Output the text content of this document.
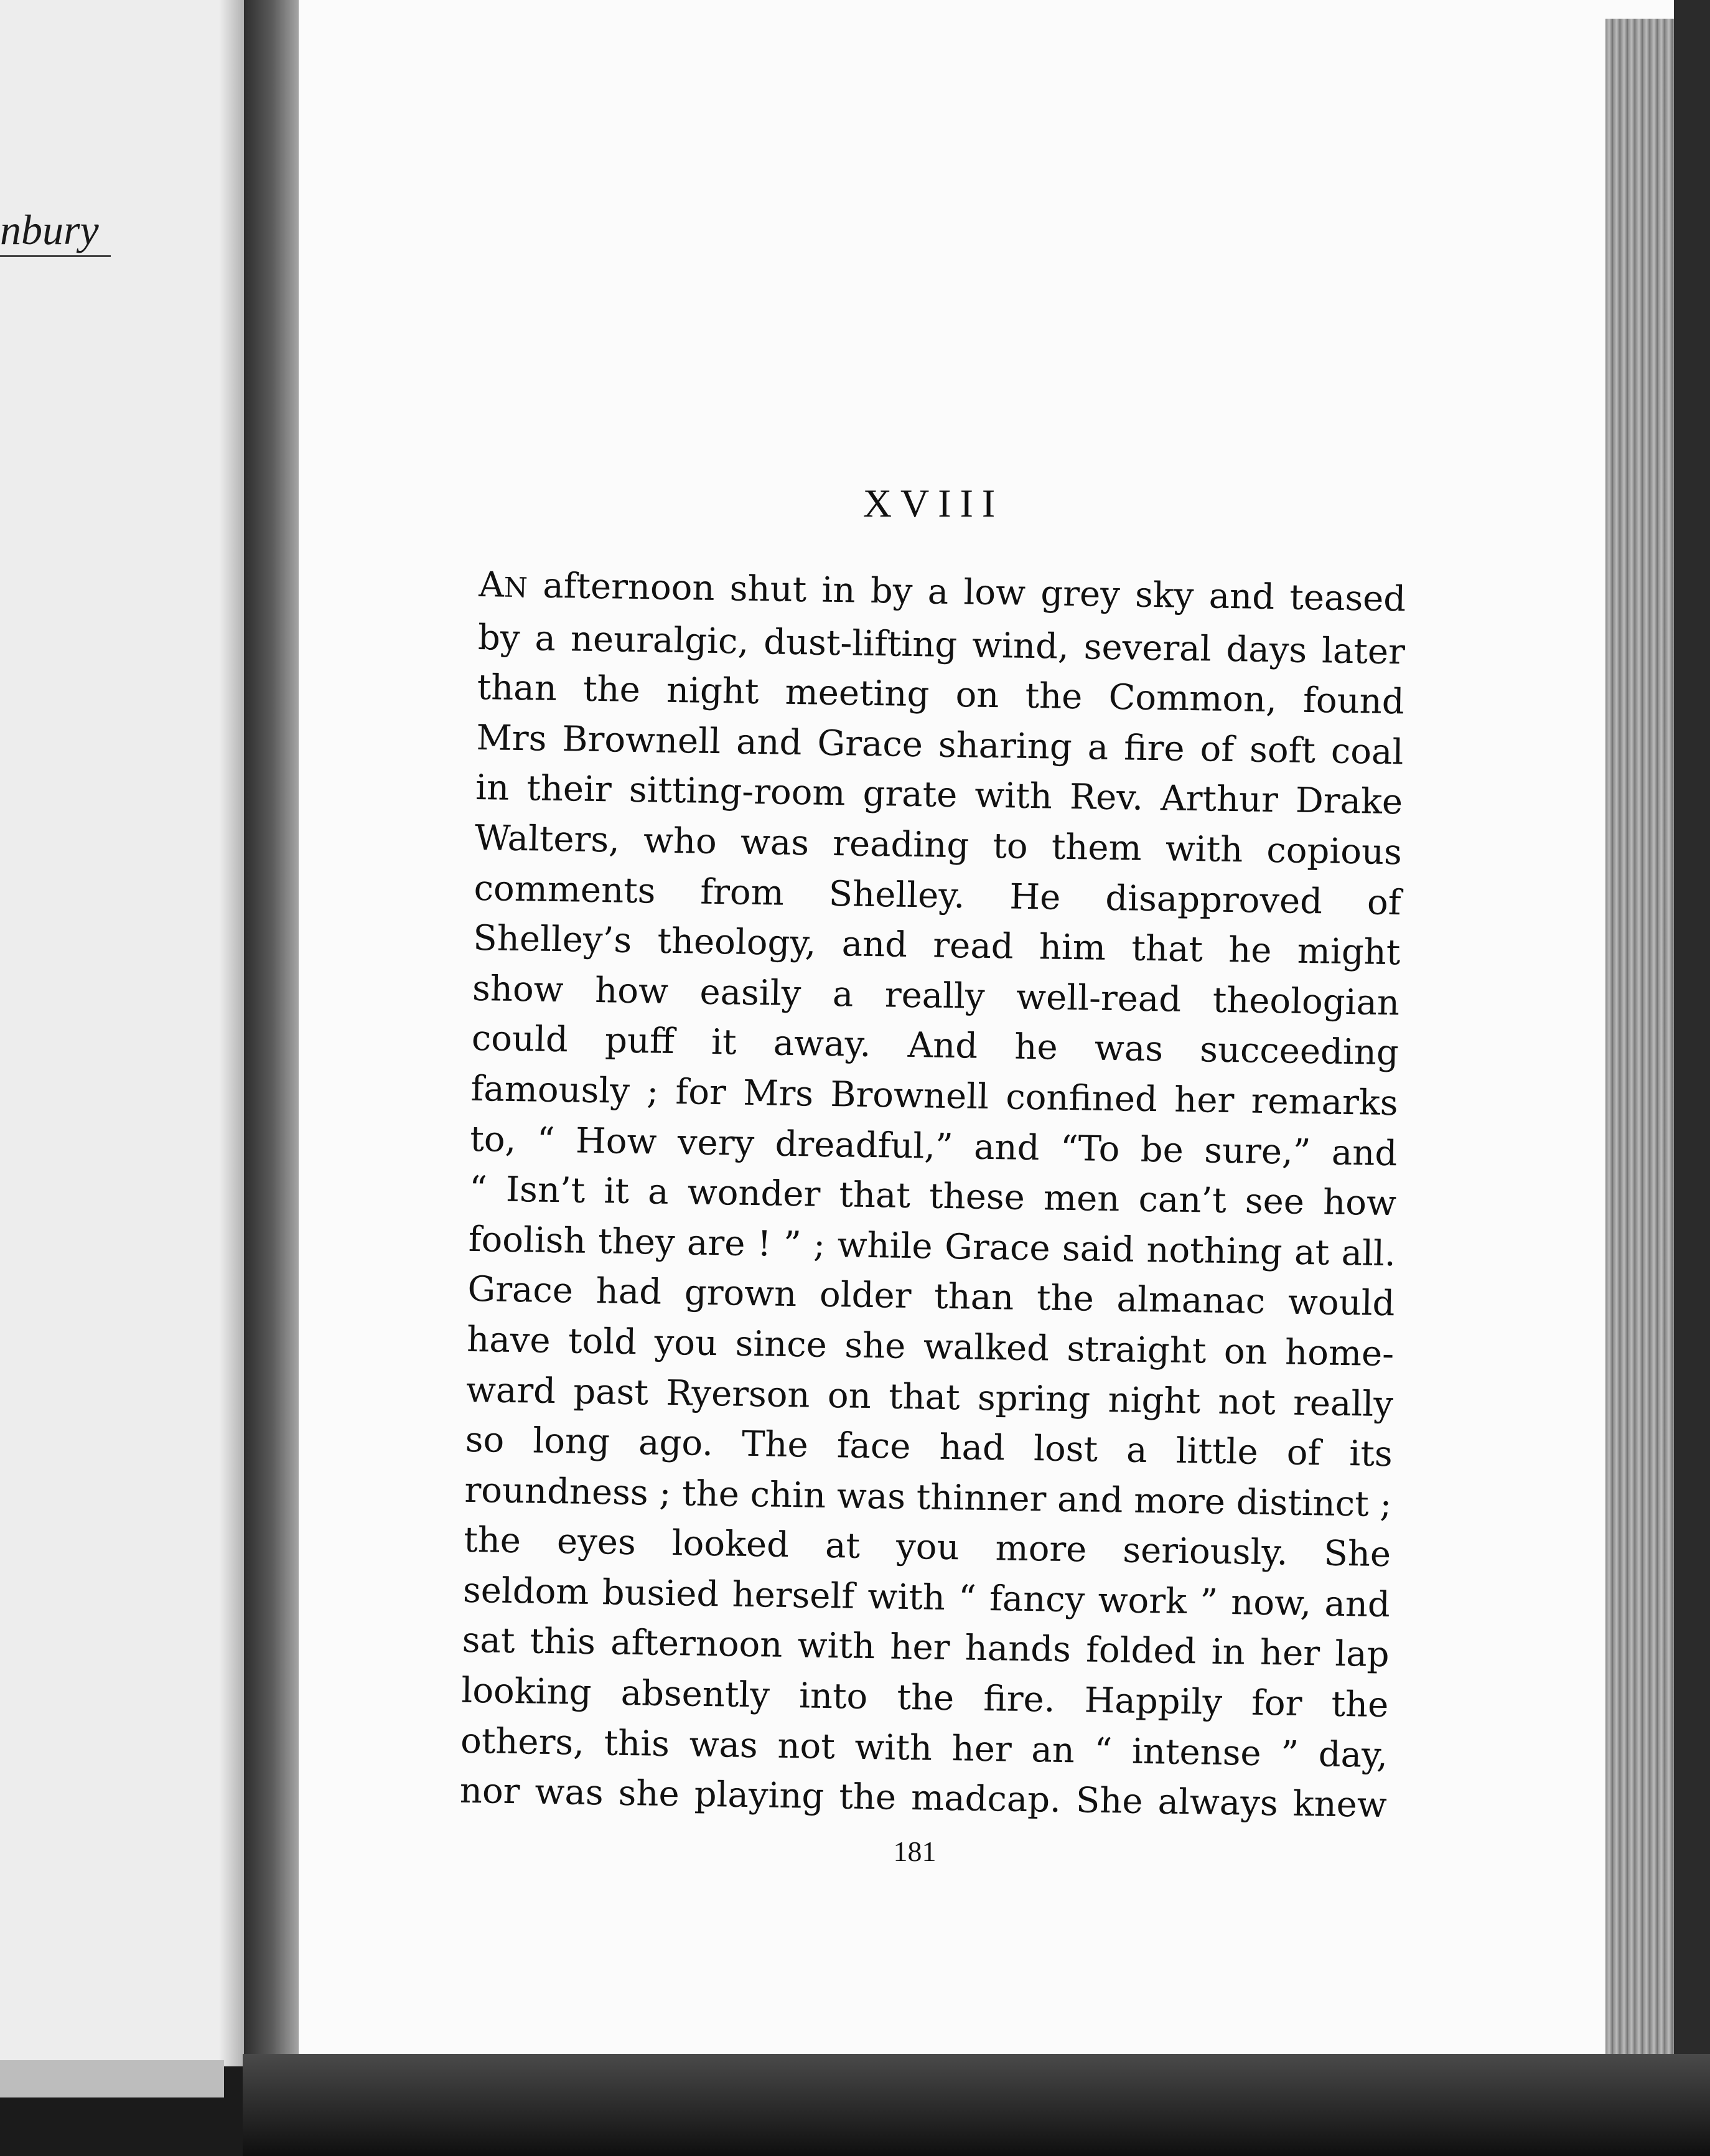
nbury
XVIII
AN afternoon shut in by a low grey sky and teased
by a neuralgic, dust-lifting wind, several days later
than the night meeting on the Common, found
Mrs Brownell and Grace sharing a fire of soft coal
in their sitting-room grate with Rev. Arthur Drake
Walters, who was reading to them with copious
comments from Shelley. He disapproved of
Shelley’s theology, and read him that he might
show how easily a really well-read theologian
could puff it away. And he was succeeding
famously ; for Mrs Brownell confined her remarks
to, “ How very dreadful,” and “To be sure,” and
“ Isn’t it a wonder that these men can’t see how
foolish they are ! ” ; while Grace said nothing at all.
Grace had grown older than the almanac would
have told you since she walked straight on home-
ward past Ryerson on that spring night not really
so long ago. The face had lost a little of its
roundness ; the chin was thinner and more distinct ;
the eyes looked at you more seriously. She
seldom busied herself with “ fancy work ” now, and
sat this afternoon with her hands folded in her lap
looking absently into the fire. Happily for the
others, this was not with her an “ intense ” day,
nor was she playing the madcap. She always knew
181
